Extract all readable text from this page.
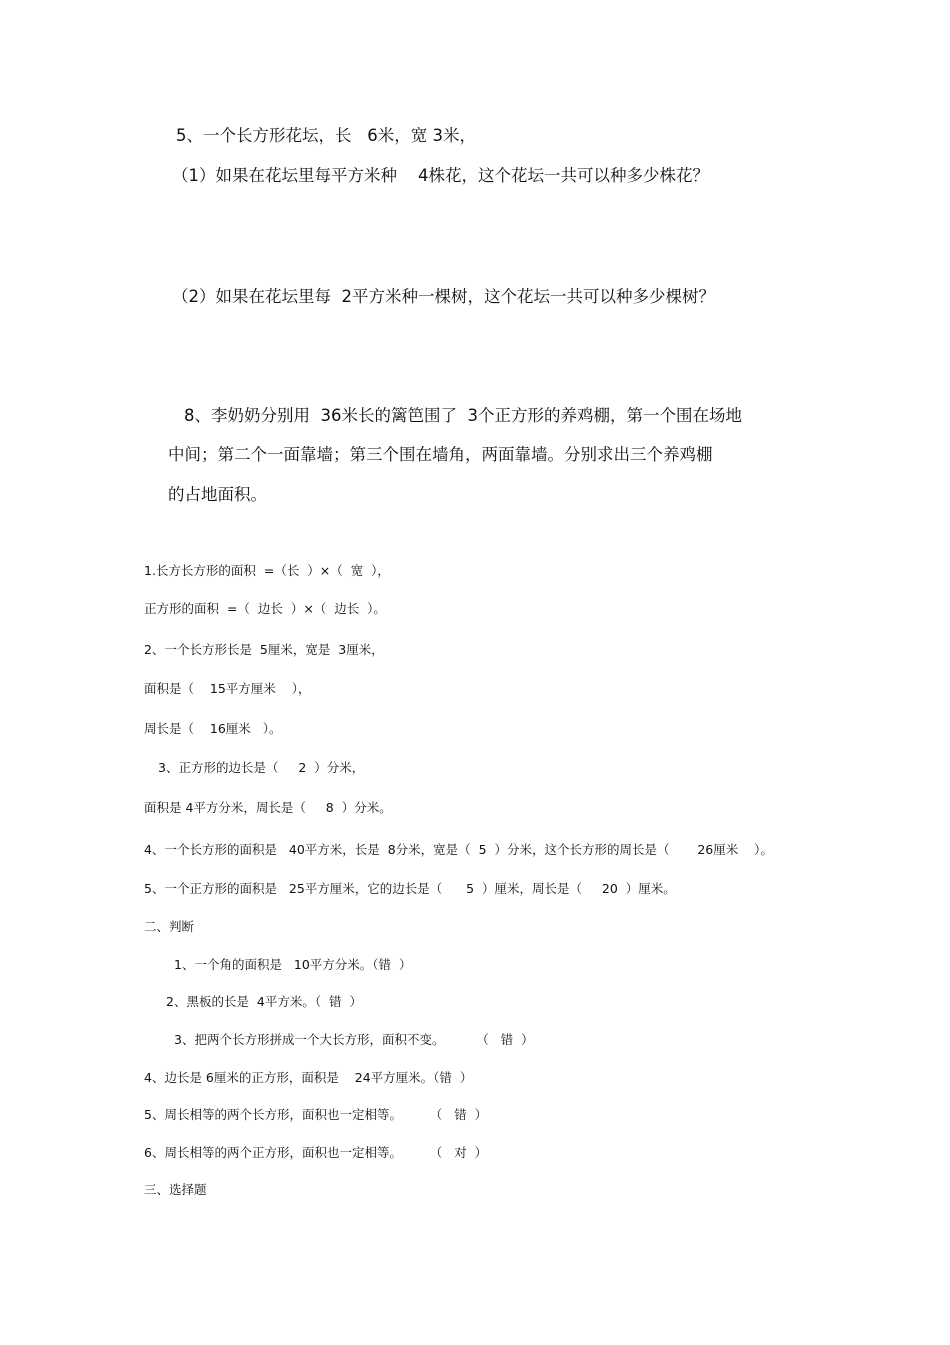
5、一个长方形花坛，长   6米，宽 3米，
（1）如果在花坛里每平方米种    4株花，这个花坛一共可以种多少株花？
（2）如果在花坛里每  2平方米种一棵树，这个花坛一共可以种多少棵树？
8、李奶奶分别用  36米长的篱笆围了  3个正方形的养鸡棚，第一个围在场地
中间；第二个一面靠墙；第三个围在墙角，两面靠墙。分别求出三个养鸡棚
的占地面积。
1.长方长方形的面积  =（长  ）×（  宽  ），
正方形的面积  =（  边长  ）×（  边长  ）。
2、一个长方形长是  5厘米，宽是  3厘米，
面积是（    15平方厘米    ），
周长是（    16厘米   ）。
3、正方形的边长是（     2  ）分米，
面积是 4平方分米，周长是（     8  ）分米。
4、一个长方形的面积是   40平方米，长是  8分米，宽是（  5  ）分米，这个长方形的周长是（       26厘米    ）。
5、一个正方形的面积是   25平方厘米，它的边长是（      5  ）厘米，周长是（     20  ）厘米。
二、判断
1、一个角的面积是   10平方分米。（错  ）
2、黑板的长是  4平方米。（  错  ）
3、把两个长方形拼成一个大长方形，面积不变。        （   错  ）
4、边长是 6厘米的正方形，面积是    24平方厘米。（错  ）
5、周长相等的两个长方形，面积也一定相等。       （   错  ）
6、周长相等的两个正方形，面积也一定相等。       （   对  ）
三、选择题
